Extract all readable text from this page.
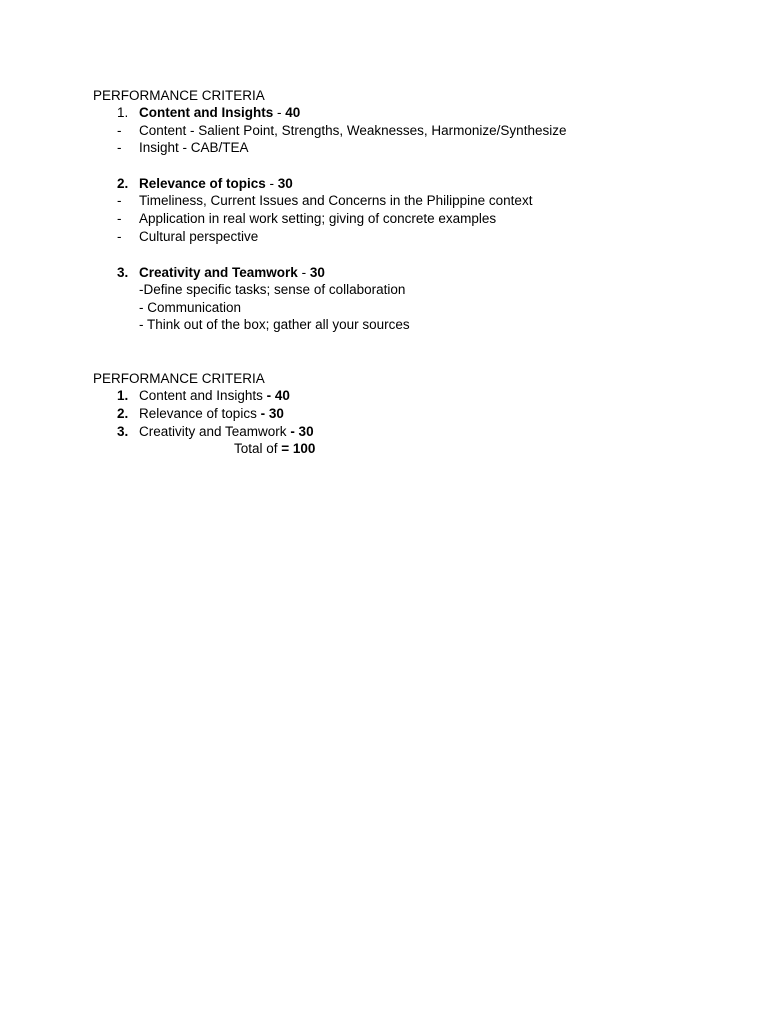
PERFORMANCE CRITERIA
1. Content and Insights - 40
- Content - Salient Point, Strengths, Weaknesses, Harmonize/Synthesize
- Insight - CAB/TEA
2. Relevance of topics - 30
- Timeliness, Current Issues and Concerns in the Philippine context
- Application in real work setting; giving of concrete examples
- Cultural perspective
3. Creativity and Teamwork - 30
-Define specific tasks; sense of collaboration
- Communication
- Think out of the box; gather all your sources
PERFORMANCE CRITERIA
1. Content and Insights - 40
2. Relevance of topics - 30
3. Creativity and Teamwork - 30
Total of = 100
